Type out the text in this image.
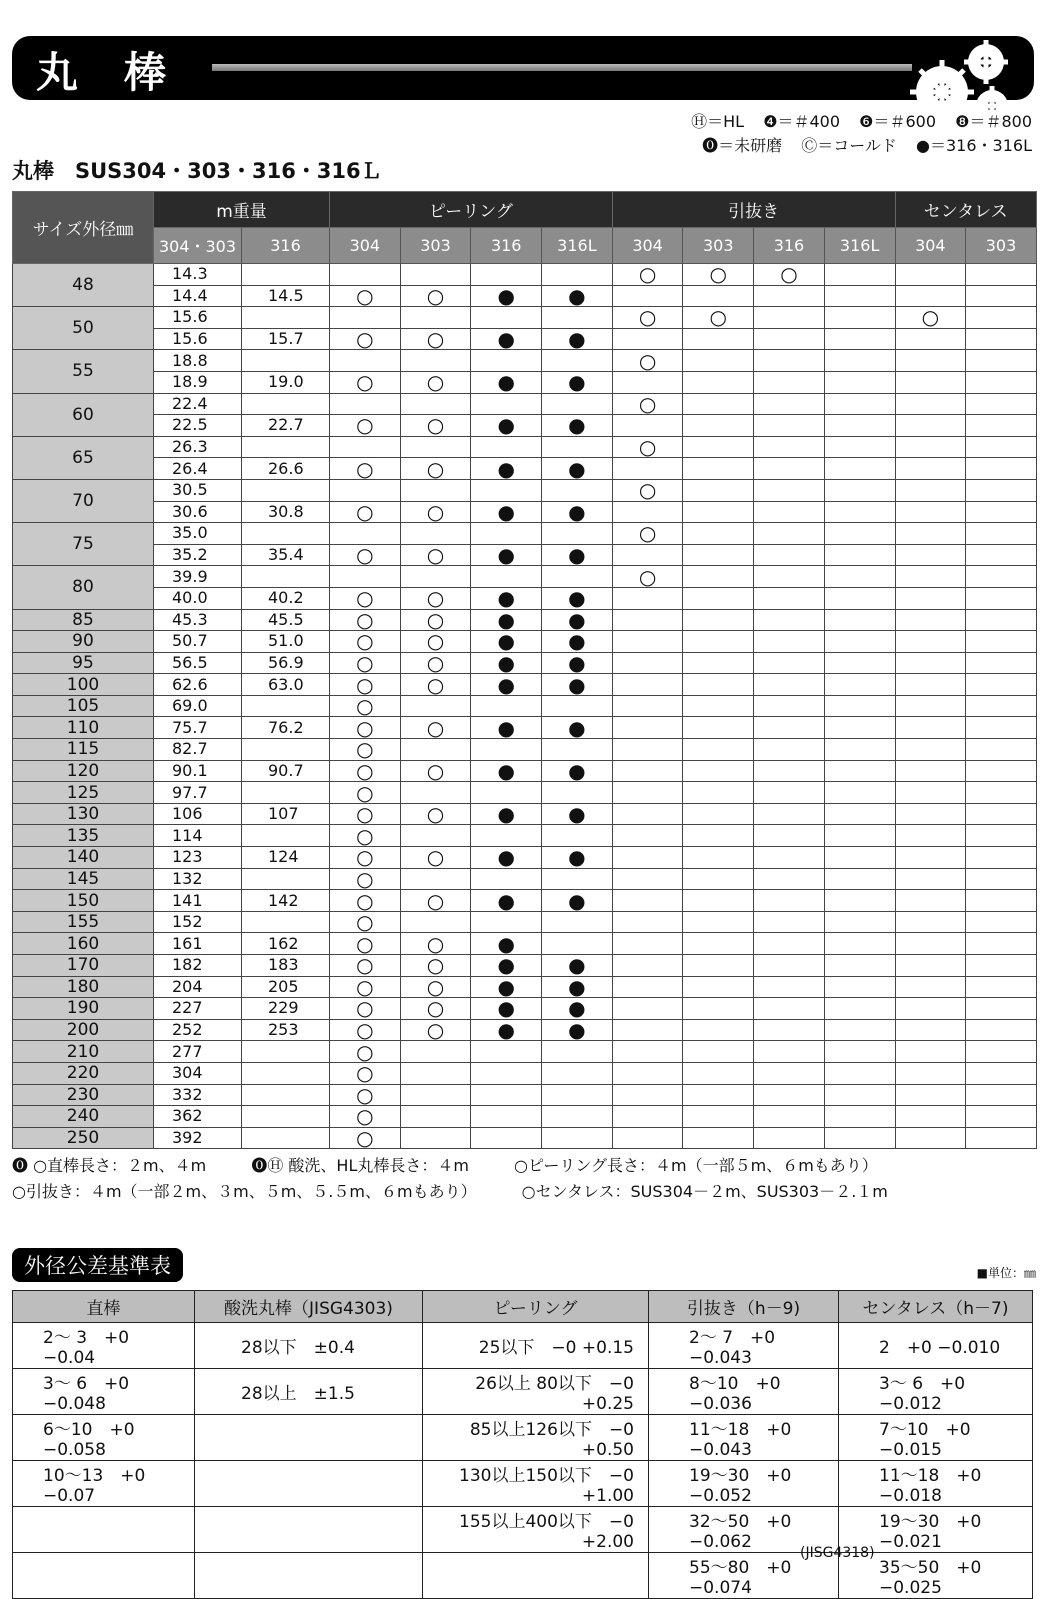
丸棒
Ⓗ＝HL ❹＝＃400 ❻＝＃600 ❽＝＃800
⓿＝未研磨 Ⓒ＝コールド ●＝316・316L
丸棒　SUS304・303・316・316Ｌ
サイズ外径㎜	m重量		ピーリング				引抜き				センタレス	
	304・303	316	304	303	316	316L	304	303	316	316L	304	303
48	14.3						○	○	○			
	14.4	14.5	○	○	●	●						
50	15.6						○	○			○	
	15.6	15.7	○	○	●	●						
55	18.8						○					
	18.9	19.0	○	○	●	●						
60	22.4						○					
	22.5	22.7	○	○	●	●						
65	26.3						○					
	26.4	26.6	○	○	●	●						
70	30.5						○					
	30.6	30.8	○	○	●	●						
75	35.0						○					
	35.2	35.4	○	○	●	●						
80	39.9						○					
	40.0	40.2	○	○	●	●						
85	45.3	45.5	○	○	●	●						
90	50.7	51.0	○	○	●	●						
95	56.5	56.9	○	○	●	●						
100	62.6	63.0	○	○	●	●						
105	69.0		○									
110	75.7	76.2	○	○	●	●						
115	82.7		○									
120	90.1	90.7	○	○	●	●						
125	97.7		○									
130	106	107	○	○	●	●						
135	114		○									
140	123	124	○	○	●	●						
145	132		○									
150	141	142	○	○	●	●						
155	152		○									
160	161	162	○	○	●							
170	182	183	○	○	●	●						
180	204	205	○	○	●	●						
190	227	229	○	○	●	●						
200	252	253	○	○	●	●						
210	277		○									
220	304		○									
230	332		○									
240	362		○									
250	392		○									
⓿ ○直棒長さ：２m、４m	⓿Ⓗ 酸洗、HL丸棒長さ：４m	○ピーリング長さ：４m（一部５m、６mもあり）
○引抜き：４m（一部２m、３m、５m、５.５m、６mもあり）	○センタレス：SUS304－２m、SUS303－２.１m
外径公差基準表	■単位：㎜
直棒	酸洗丸棒（JISG4303)	ピーリング	引抜き（h－9)	センタレス（h－7)
2～ 3　+0 −0.04	28以下　±0.4	25以下　−0 +0.15	2～ 7　+0 −0.043	2　+0 −0.010
3～ 6　+0 −0.048	28以上　±1.5	26以上 80以下　−0 +0.25	8～10　+0 −0.036	3～ 6　+0 −0.012
6～10　+0 −0.058		85以上126以下　−0 +0.50	11～18　+0 −0.043	7～10　+0 −0.015
10～13　+0 −0.07		130以上150以下　−0 +1.00	19～30　+0 −0.052	11～18　+0 −0.018
		155以上400以下　−0 +2.00	32～50　+0 −0.062	19～30　+0 −0.021
			55～80　+0 −0.074	35～50　+0 −0.025
(JISG4318)
